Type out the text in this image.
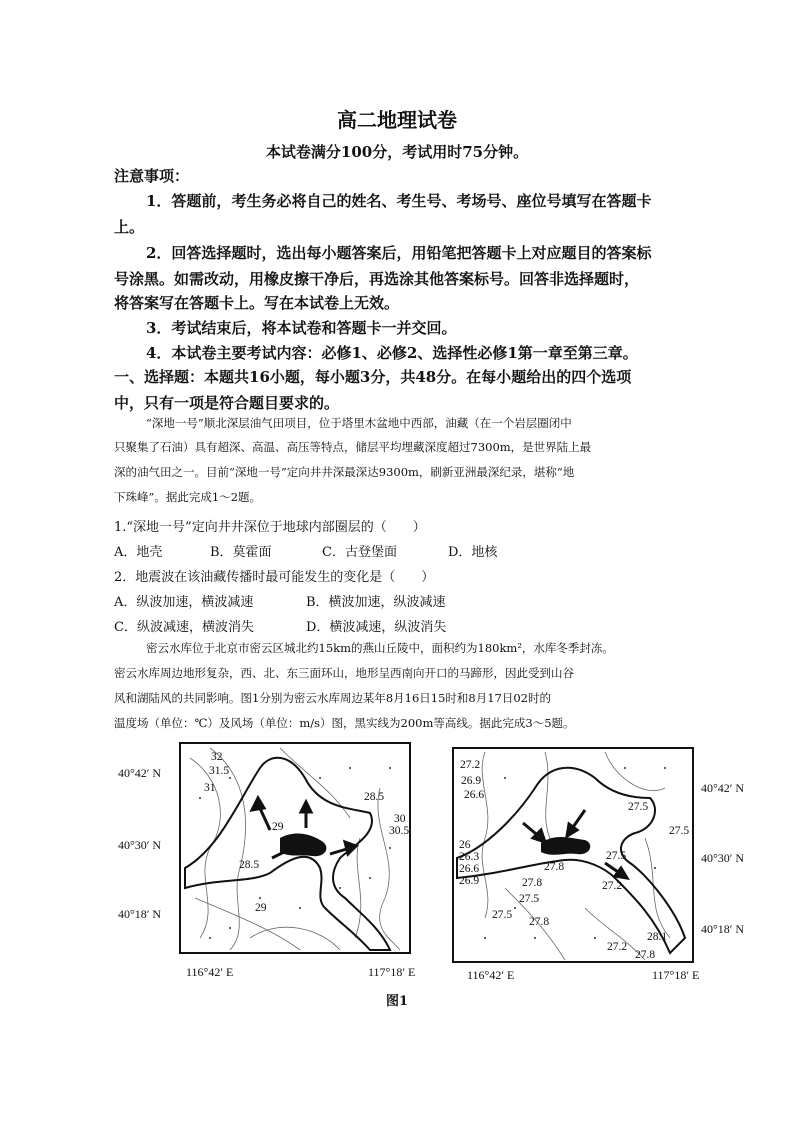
高二地理试卷
本试卷满分100分，考试用时75分钟。
注意事项：
1．答题前，考生务必将自己的姓名、考生号、考场号、座位号填写在答题卡
上。
2．回答选择题时，选出每小题答案后，用铅笔把答题卡上对应题目的答案标
号涂黑。如需改动，用橡皮擦干净后，再选涂其他答案标号。回答非选择题时，
将答案写在答题卡上。写在本试卷上无效。
3．考试结束后，将本试卷和答题卡一并交回。
4．本试卷主要考试内容：必修1、必修2、选择性必修1第一章至第三章。
一、选择题：本题共16小题，每小题3分，共48分。在每小题给出的四个选项
中，只有一项是符合题目要求的。
“深地一号”顺北深层油气田项目，位于塔里木盆地中西部，油藏（在一个岩层圈闭中
只聚集了石油）具有超深、高温、高压等特点，储层平均埋藏深度超过7300m，是世界陆上最
深的油气田之一。目前“深地一号”定向井井深最深达9300m，刷新亚洲最深纪录，堪称“地
下珠峰”。据此完成1～2题。
1.“深地一号”定向井井深位于地球内部圈层的（　　）
A．地壳	B．莫霍面	C．古登堡面	D．地核
2．地震波在该油藏传播时最可能发生的变化是（　　）
A．纵波加速，横波减速	B．横波加速，纵波减速
C．纵波减速，横波消失	D．横波减速，纵波消失
密云水库位于北京市密云区城北约15km的燕山丘陵中，面积约为180km²，水库冬季封冻。
密云水库周边地形复杂，西、北、东三面环山，地形呈西南向开口的马蹄形，因此受到山谷
风和湖陆风的共同影响。图1分别为密云水库周边某年8月16日15时和8月17日02时的
温度场（单位：℃）及风场（单位：m/s）图，黑实线为200m等高线。据此完成3～5题。
32
31.5
31
28.5
30
30.5
29
28.5
29
40°42′ N
40°30′ N
40°18′ N
116°42′ E	117°18′ E
27.2
26.9
26.6
27.5
27.5
26
26.3
26.6
26.9
27.8
27.5
27.8	27.2
27.5
27.5
27.8
28.1
27.2
27.8
40°42′ N
40°30′ N
40°18′ N
116°42′ E	117°18′ E
图1
